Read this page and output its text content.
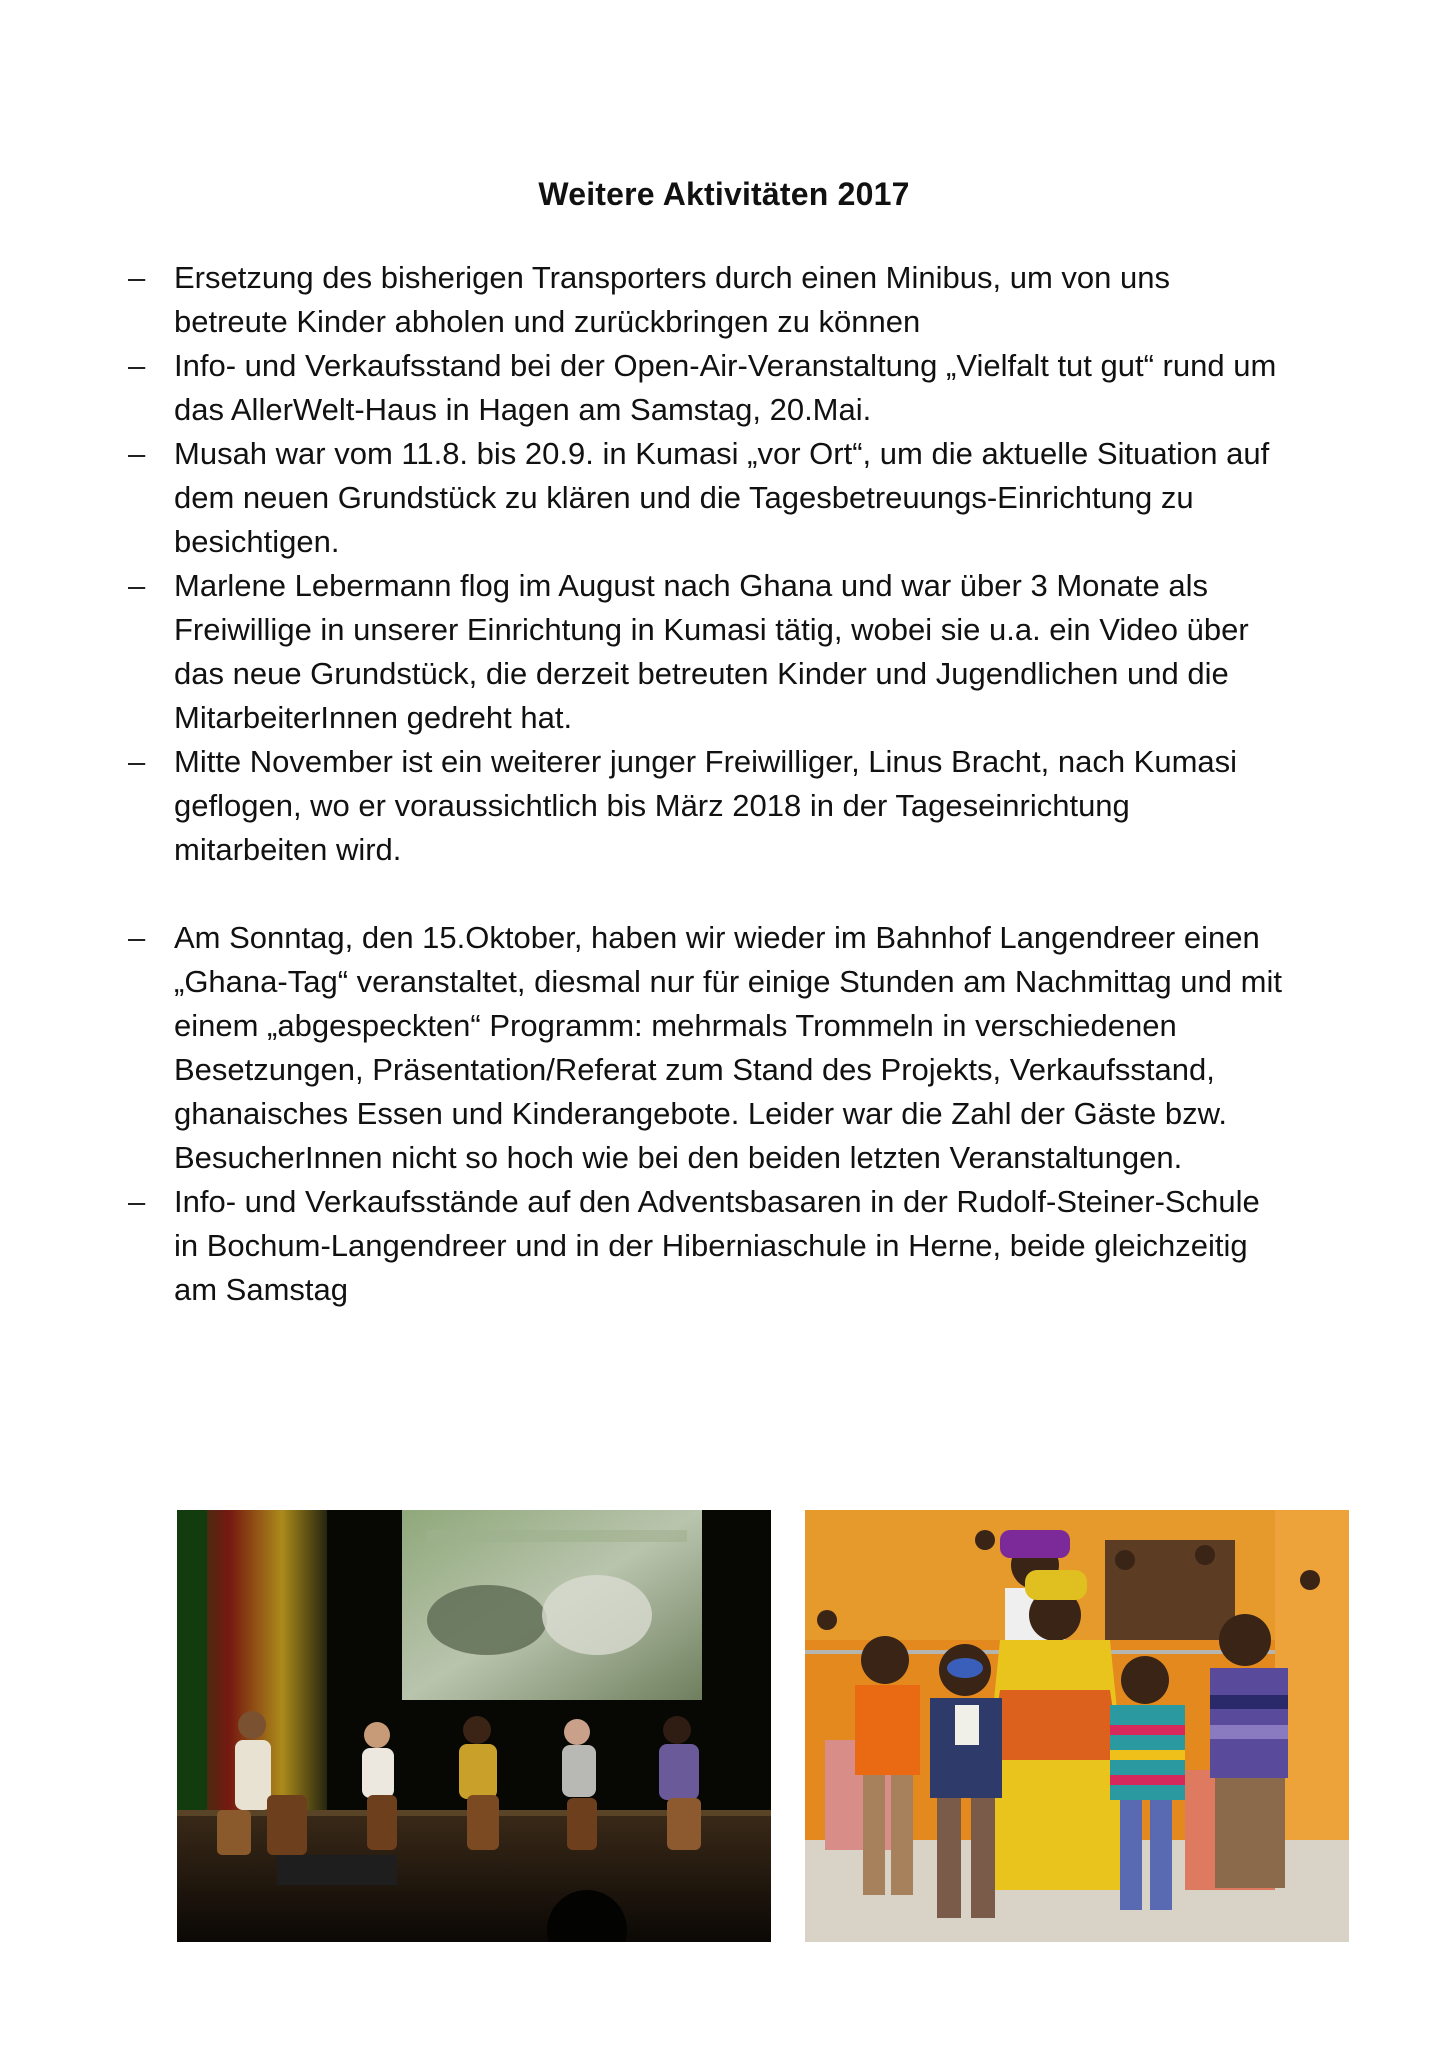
Weitere Aktivitäten 2017
– Ersetzung des bisherigen Transporters durch einen Minibus, um von uns betreute Kinder abholen und zurückbringen zu können
– Info- und Verkaufsstand bei der Open-Air-Veranstaltung „Vielfalt tut gut“ rund um das AllerWelt-Haus in Hagen am Samstag, 20.Mai.
– Musah war vom 11.8. bis 20.9. in Kumasi „vor Ort“, um die aktuelle Situation auf dem neuen Grundstück zu klären und die Tagesbetreuungs-Einrichtung zu besichtigen.
– Marlene Lebermann flog im August nach Ghana und war über 3 Monate als Freiwillige in unserer Einrichtung in Kumasi tätig, wobei sie u.a. ein Video über das neue Grundstück, die derzeit betreuten Kinder und Jugendlichen und die MitarbeiterInnen gedreht hat.
– Mitte November ist ein weiterer junger Freiwilliger, Linus Bracht, nach Kumasi geflogen, wo er voraussichtlich bis März 2018 in der Tageseinrichtung mitarbeiten wird.
– Am Sonntag, den 15.Oktober, haben wir wieder im Bahnhof Langendreer einen „Ghana-Tag“ veranstaltet, diesmal nur für einige Stunden am Nachmittag und mit einem „abgespeckten“ Programm: mehrmals Trommeln in verschiedenen Besetzungen, Präsentation/Referat zum Stand des Projekts, Verkaufsstand, ghanaisches Essen und Kinderangebote. Leider war die Zahl der Gäste bzw. BesucherInnen nicht so hoch wie bei den beiden letzten Veranstaltungen.
– Info- und Verkaufsstände auf den Adventsbasaren in der Rudolf-Steiner-Schule in Bochum-Langendreer und in der Hiberniaschule in Herne, beide gleichzeitig am Samstag
